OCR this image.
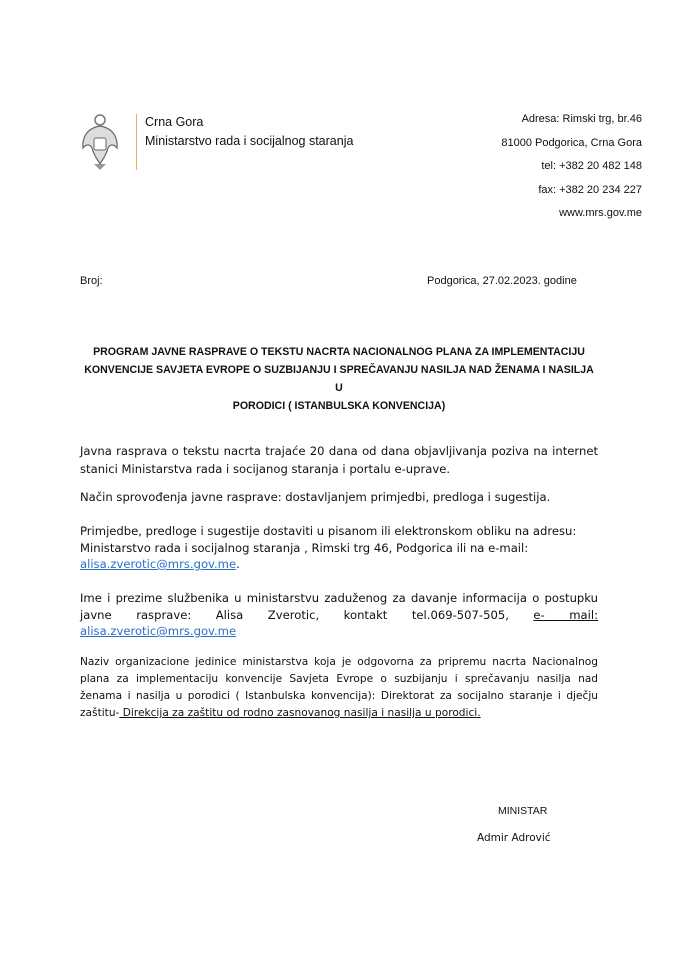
Crna Gora
Ministarstvo rada i socijalnog staranja
Adresa: Rimski trg, br.46
81000 Podgorica, Crna Gora
tel: +382 20 482 148
fax: +382 20 234 227
www.mrs.gov.me
Broj:	Podgorica, 27.02.2023. godine
PROGRAM JAVNE RASPRAVE O TEKSTU NACRTA NACIONALNOG PLANA ZA IMPLEMENTACIJU
KONVENCIJE SAVJETA EVROPE O SUZBIJANJU I SPREČAVANJU NASILJA NAD ŽENAMA I NASILJA U
PORODICI ( ISTANBULSKA KONVENCIJA)
Javna rasprava o tekstu nacrta trajaće 20 dana od dana objavljivanja poziva na internet stanici Ministarstva rada i socijanog staranja i portalu e-uprave.
Način sprovođenja javne rasprave: dostavljanjem primjedbi, predloga i sugestija.
Primjedbe, predloge i sugestije dostaviti u pisanom ili elektronskom obliku na adresu: Ministarstvo rada i socijalnog staranja , Rimski trg 46, Podgorica ili na e-mail:
alisa.zverotic@mrs.gov.me.
Ime i prezime službenika u ministarstvu zaduženog za davanje informacija o postupku javne rasprave: Alisa Zverotic, kontakt tel.069-507-505, e- mail:
alisa.zverotic@mrs.gov.me
Naziv organizacione jedinice ministarstva koja je odgovorna za pripremu nacrta Nacionalnog plana za implementaciju konvencije Savjeta Evrope o suzbijanju i sprečavanju nasilja nad ženama i nasilja u porodici ( Istanbulska konvencija): Direktorat za socijalno staranje i dječju zaštitu- Direkcija za zaštitu od rodno zasnovanog nasilja i nasilja u porodici.
MINISTAR
Admir Adrović
